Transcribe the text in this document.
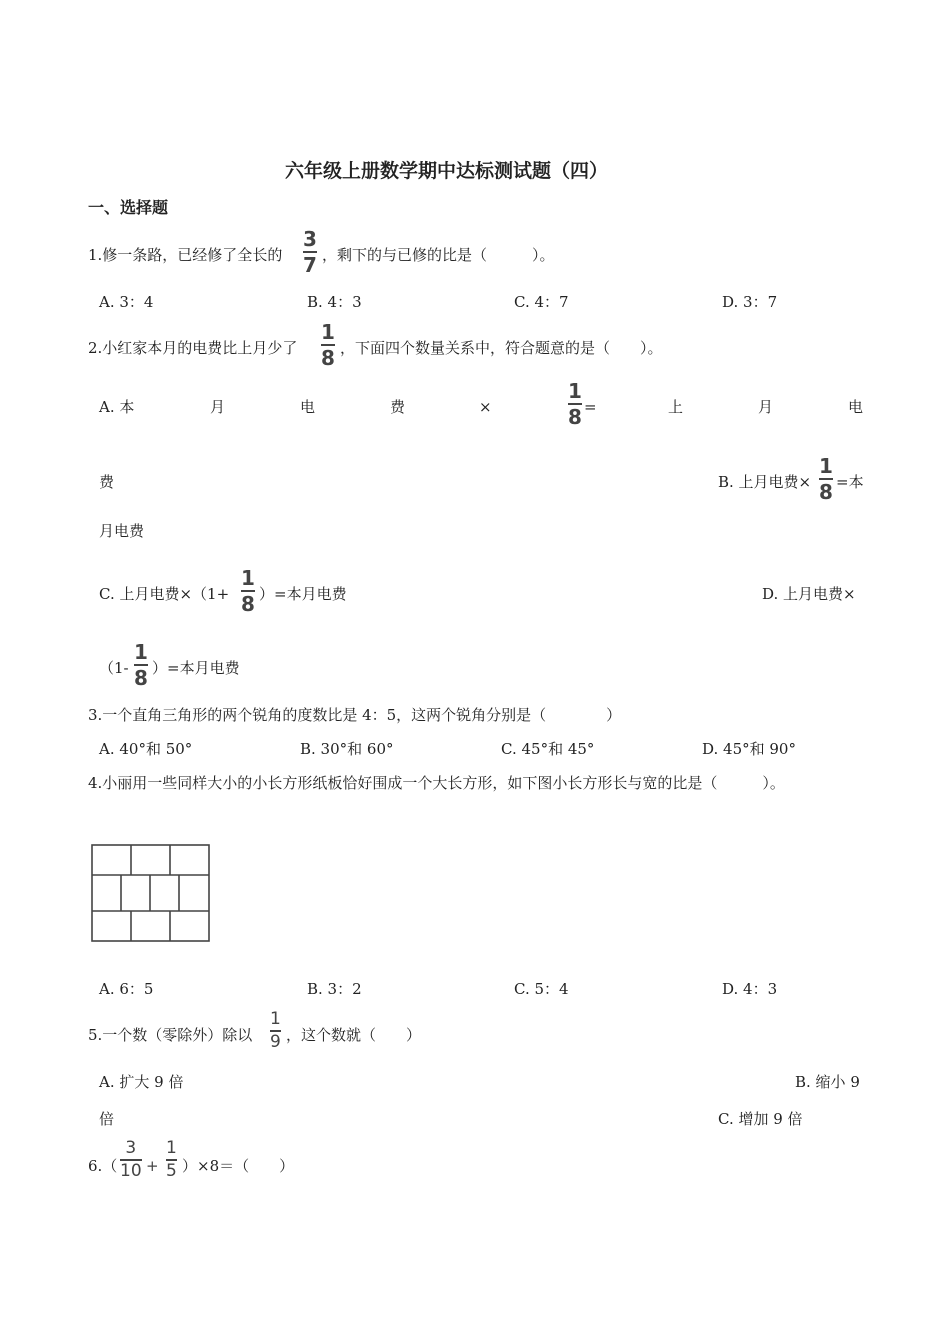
六年级上册数学期中达标测试题（四）
一、选择题
1.修一条路，已经修了全长的
3
7 ，剩下的与已修的比是（　　　）。
A. 3：4	B. 4：3	C. 4：7	D. 3：7
2.小红家本月的电费比上月少了
1
8 ，下面四个数量关系中，符合题意的是（　　）。
A. 本	月	电	费	×
1
8 =	上	月	电
费	B. 上月电费×
1
8 =本
月电费
C. 上月电费×（1+
1
8 ）=本月电费	D. 上月电费×
（1-
1
8 ）=本月电费
3.一个直角三角形的两个锐角的度数比是 4：5，这两个锐角分别是（　　　　）
A. 40°和 50°	B. 30°和 60°	C. 45°和 45°	D. 45°和 90°
4.小丽用一些同样大小的小长方形纸板恰好围成一个大长方形，如下图小长方形长与宽的比是（　　　）。
A. 6：5	B. 3：2	C. 5：4	D. 4：3
5.一个数（零除外）除以
1
9 ，这个数就（　　）
A. 扩大 9 倍	B. 缩小 9
倍	C. 增加 9 倍
6.（
3
10 +
1
5 ）×8＝（　　）
